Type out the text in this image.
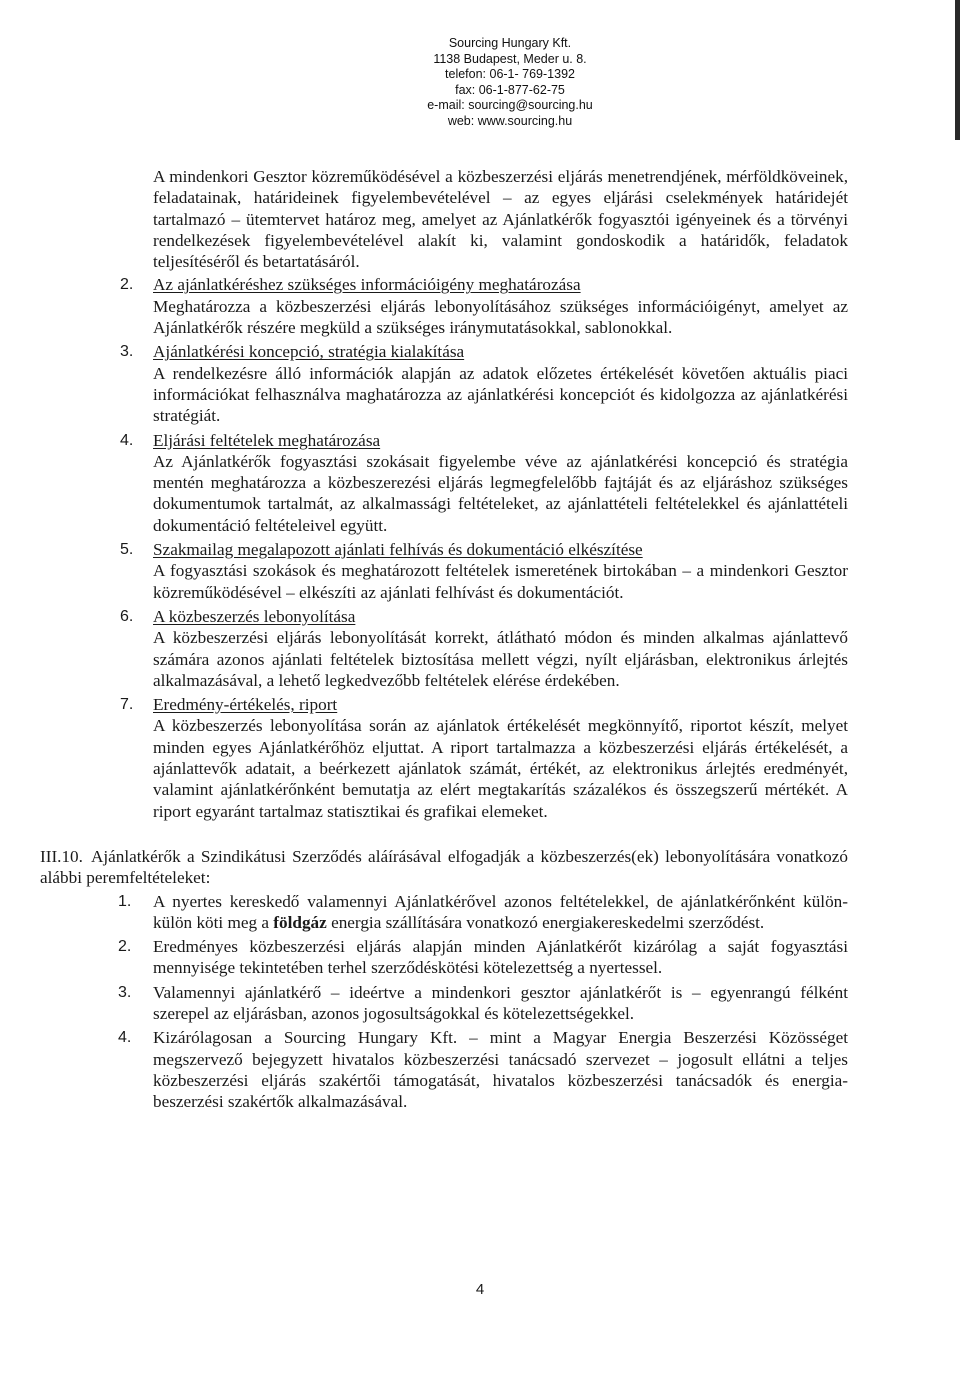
Sourcing Hungary Kft.
1138 Budapest, Meder u. 8.
telefon: 06-1- 769-1392
fax: 06-1-877-62-75
e-mail: sourcing@sourcing.hu
web: www.sourcing.hu

A mindenkori Gesztor közreműködésével a közbeszerzési eljárás menetrendjének, mérföldköveinek, feladatainak, határideinek figyelembevételével – az egyes eljárási cselekmények határidejét tartalmazó – ütemtervet határoz meg, amelyet az Ajánlatkérők fogyasztói igényeinek és a törvényi rendelkezések figyelembevételével alakít ki, valamint gondoskodik a határidők, feladatok teljesítéséről és betartatásáról.

2. Az ajánlatkéréshez szükséges információigény meghatározása

Meghatározza a közbeszerzési eljárás lebonyolításához szükséges információigényt, amelyet az Ajánlatkérők részére megküld a szükséges iránymutatásokkal, sablonokkal.

3. Ajánlatkérési koncepció, stratégia kialakítása

A rendelkezésre álló információk alapján az adatok előzetes értékelését követően aktuális piaci információkat felhasználva maghatározza az ajánlatkérési koncepciót és kidolgozza az ajánlatkérési stratégiát.

4. Eljárási feltételek meghatározása

Az Ajánlatkérők fogyasztási szokásait figyelembe véve az ajánlatkérési koncepció és stratégia mentén meghatározza a közbeszerezési eljárás legmegfelelőbb fajtáját és az eljáráshoz szükséges dokumentumok tartalmát, az alkalmassági feltételeket, az ajánlattételi feltételekkel és ajánlattételi dokumentáció feltételeivel együtt.

5. Szakmailag megalapozott ajánlati felhívás és dokumentáció elkészítése

A fogyasztási szokások és meghatározott feltételek ismeretének birtokában – a mindenkori Gesztor közreműködésével – elkészíti az ajánlati felhívást és dokumentációt.

6. A közbeszerzés lebonyolítása

A közbeszerzési eljárás lebonyolítását korrekt, átlátható módon és minden alkalmas ajánlattevő számára azonos ajánlati feltételek biztosítása mellett végzi, nyílt eljárásban, elektronikus árlejtés alkalmazásával, a lehető legkedvezőbb feltételek elérése érdekében.

7. Eredmény-értékelés, riport

A közbeszerzés lebonyolítása során az ajánlatok értékelését megkönnyítő, riportot készít, melyet minden egyes Ajánlatkérőhöz eljuttat. A riport tartalmazza a közbeszerzési eljárás értékelését, a ajánlattevők adatait, a beérkezett ajánlatok számát, értékét, az elektronikus árlejtés eredményét, valamint ajánlatkérőnként bemutatja az elért megtakarítás százalékos és összegszerű mértékét. A riport egyaránt tartalmaz statisztikai és grafikai elemeket.

III.10. Ajánlatkérők a Szindikátusi Szerződés aláírásával elfogadják a közbeszerzés(ek) lebonyolítására vonatkozó alábbi peremfeltételeket:
1. A nyertes kereskedő valamennyi Ajánlatkérővel azonos feltételekkel, de ajánlatkérőnként külön-külön köti meg a földgáz energia szállítására vonatkozó energiakereskedelmi szerződést.

2. Eredményes közbeszerzési eljárás alapján minden Ajánlatkérőt kizárólag a saját fogyasztási mennyisége tekintetében terhel szerződéskötési kötelezettség a nyertessel.

3. Valamennyi ajánlatkérő – ideértve a mindenkori gesztor ajánlatkérőt is – egyenrangú félként szerepel az eljárásban, azonos jogosultságokkal és kötelezettségekkel.

4. Kizárólagosan a Sourcing Hungary Kft. – mint a Magyar Energia Beszerzési Közösséget megszervező bejegyzett hivatalos közbeszerzési tanácsadó szervezet – jogosult ellátni a teljes közbeszerzési eljárás szakértői támogatását, hivatalos közbeszerzési tanácsadók és energia-beszerzési szakértők alkalmazásával.

4
